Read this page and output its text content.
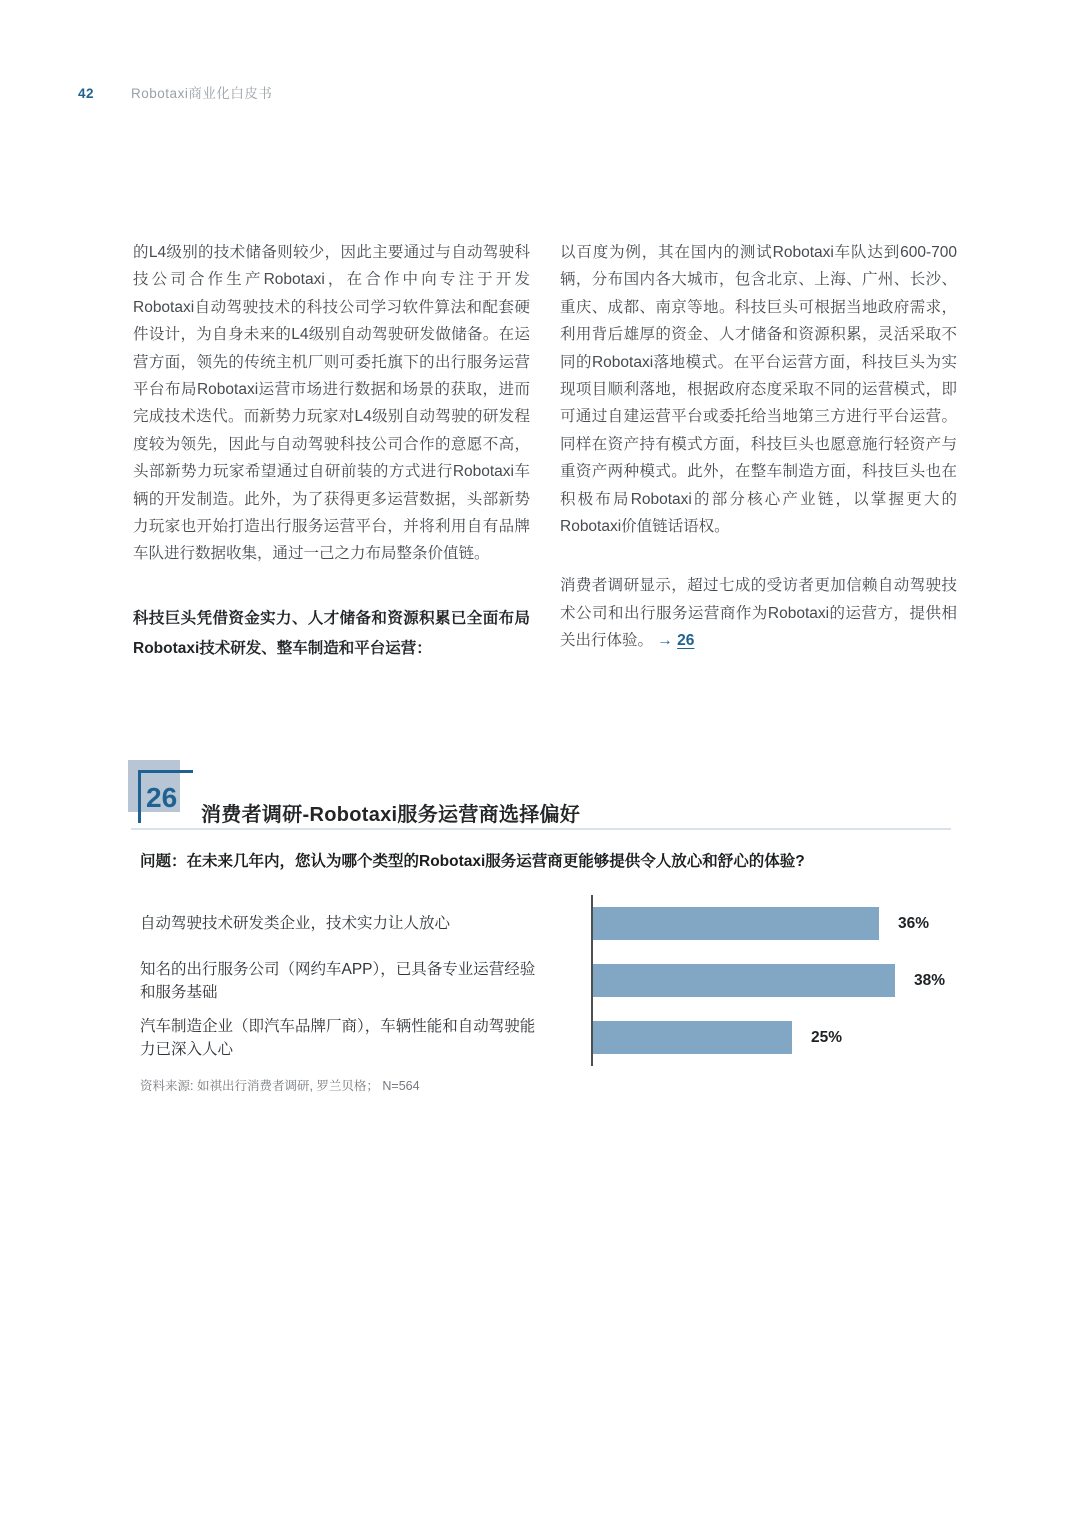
42	Robotaxi商业化白皮书

的L4级别的技术储备则较少，因此主要通过与自动驾驶科技公司合作生产Robotaxi，在合作中向专注于开发Robotaxi自动驾驶技术的科技公司学习软件算法和配套硬件设计，为自身未来的L4级别自动驾驶研发做储备。在运营方面，领先的传统主机厂则可委托旗下的出行服务运营平台布局Robotaxi运营市场进行数据和场景的获取，进而完成技术迭代。而新势力玩家对L4级别自动驾驶的研发程度较为领先，因此与自动驾驶科技公司合作的意愿不高，头部新势力玩家希望通过自研前装的方式进行Robotaxi车辆的开发制造。此外，为了获得更多运营数据，头部新势力玩家也开始打造出行服务运营平台，并将利用自有品牌车队进行数据收集，通过一己之力布局整条价值链。

科技巨头凭借资金实力、人才储备和资源积累已全面布局Robotaxi技术研发、整车制造和平台运营：

以百度为例，其在国内的测试Robotaxi车队达到600-700辆，分布国内各大城市，包含北京、上海、广州、长沙、重庆、成都、南京等地。科技巨头可根据当地政府需求，利用背后雄厚的资金、人才储备和资源积累，灵活采取不同的Robotaxi落地模式。在平台运营方面，科技巨头为实现项目顺利落地，根据政府态度采取不同的运营模式，即可通过自建运营平台或委托给当地第三方进行平台运营。同样在资产持有模式方面，科技巨头也愿意施行轻资产与重资产两种模式。此外，在整车制造方面，科技巨头也在积极布局Robotaxi的部分核心产业链，以掌握更大的Robotaxi价值链话语权。

消费者调研显示，超过七成的受访者更加信赖自动驾驶技术公司和出行服务运营商作为Robotaxi的运营方，提供相关出行体验。 → 26

26
消费者调研-Robotaxi服务运营商选择偏好
问题：在未来几年内，您认为哪个类型的Robotaxi服务运营商更能够提供令人放心和舒心的体验?
自动驾驶技术研发类企业，技术实力让人放心
知名的出行服务公司（网约车APP），已具备专业运营经验和服务基础
汽车制造企业（即汽车品牌厂商），车辆性能和自动驾驶能力已深入人心
36%
38%
25%
资料来源: 如祺出行消费者调研, 罗兰贝格； N=564
